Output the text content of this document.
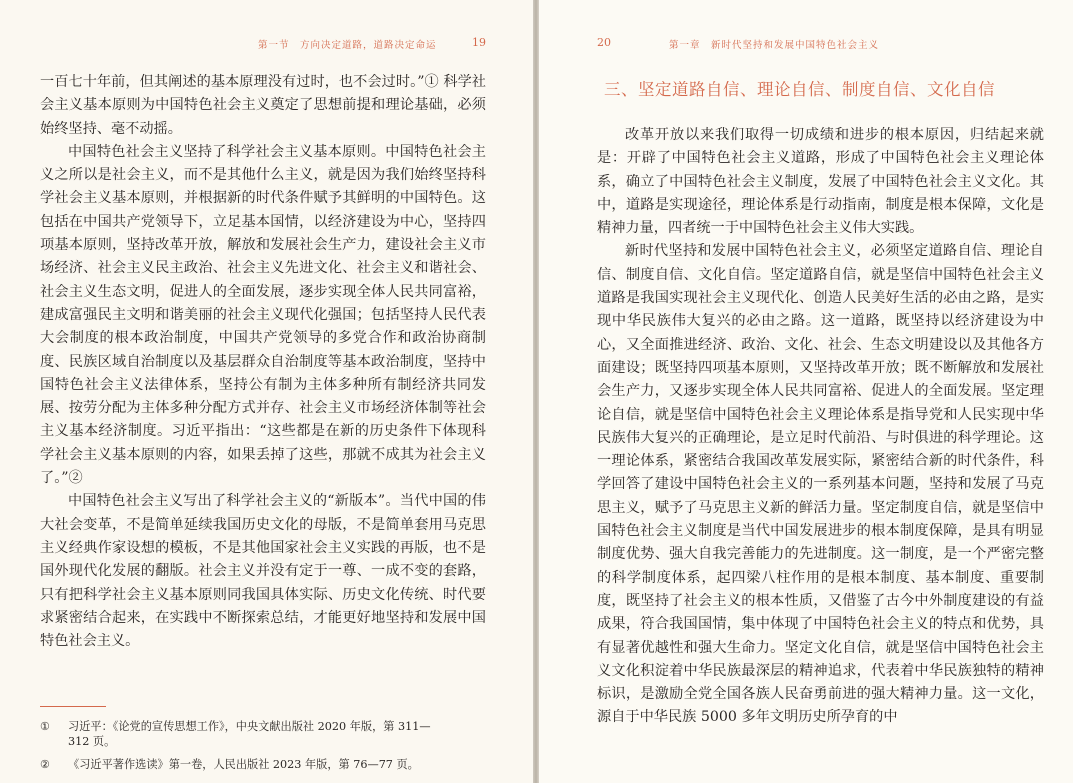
第一节　方向决定道路，道路决定命运	19

一百七十年前，但其阐述的基本原理没有过时，也不会过时。”① 科学社会主义基本原则为中国特色社会主义奠定了思想前提和理论基础，必须始终坚持、毫不动摇。

中国特色社会主义坚持了科学社会主义基本原则。中国特色社会主义之所以是社会主义，而不是其他什么主义，就是因为我们始终坚持科学社会主义基本原则，并根据新的时代条件赋予其鲜明的中国特色。这包括在中国共产党领导下，立足基本国情，以经济建设为中心，坚持四项基本原则，坚持改革开放，解放和发展社会生产力，建设社会主义市场经济、社会主义民主政治、社会主义先进文化、社会主义和谐社会、社会主义生态文明，促进人的全面发展，逐步实现全体人民共同富裕，建成富强民主文明和谐美丽的社会主义现代化强国；包括坚持人民代表大会制度的根本政治制度，中国共产党领导的多党合作和政治协商制度、民族区域自治制度以及基层群众自治制度等基本政治制度，坚持中国特色社会主义法律体系，坚持公有制为主体多种所有制经济共同发展、按劳分配为主体多种分配方式并存、社会主义市场经济体制等社会主义基本经济制度。习近平指出：“这些都是在新的历史条件下体现科学社会主义基本原则的内容，如果丢掉了这些，那就不成其为社会主义了。”②

中国特色社会主义写出了科学社会主义的“新版本”。当代中国的伟大社会变革，不是简单延续我国历史文化的母版，不是简单套用马克思主义经典作家设想的模板，不是其他国家社会主义实践的再版，也不是国外现代化发展的翻版。社会主义并没有定于一尊、一成不变的套路，只有把科学社会主义基本原则同我国具体实际、历史文化传统、时代要求紧密结合起来，在实践中不断探索总结，才能更好地坚持和发展中国特色社会主义。

① 习近平：《论党的宣传思想工作》，中央文献出版社 2020 年版，第 311—
312 页。
② 《习近平著作选读》第一卷，人民出版社 2023 年版，第 76—77 页。
20	第一章　新时代坚持和发展中国特色社会主义
三、坚定道路自信、理论自信、制度自信、文化自信

改革开放以来我们取得一切成绩和进步的根本原因，归结起来就是：开辟了中国特色社会主义道路，形成了中国特色社会主义理论体系，确立了中国特色社会主义制度，发展了中国特色社会主义文化。其中，道路是实现途径，理论体系是行动指南，制度是根本保障，文化是精神力量，四者统一于中国特色社会主义伟大实践。

新时代坚持和发展中国特色社会主义，必须坚定道路自信、理论自信、制度自信、文化自信。坚定道路自信，就是坚信中国特色社会主义道路是我国实现社会主义现代化、创造人民美好生活的必由之路，是实现中华民族伟大复兴的必由之路。这一道路，既坚持以经济建设为中心，又全面推进经济、政治、文化、社会、生态文明建设以及其他各方面建设；既坚持四项基本原则，又坚持改革开放；既不断解放和发展社会生产力，又逐步实现全体人民共同富裕、促进人的全面发展。坚定理论自信，就是坚信中国特色社会主义理论体系是指导党和人民实现中华民族伟大复兴的正确理论，是立足时代前沿、与时俱进的科学理论。这一理论体系，紧密结合我国改革发展实际，紧密结合新的时代条件，科学回答了建设中国特色社会主义的一系列基本问题，坚持和发展了马克思主义，赋予了马克思主义新的鲜活力量。坚定制度自信，就是坚信中国特色社会主义制度是当代中国发展进步的根本制度保障，是具有明显制度优势、强大自我完善能力的先进制度。这一制度，是一个严密完整的科学制度体系，起四梁八柱作用的是根本制度、基本制度、重要制度，既坚持了社会主义的根本性质，又借鉴了古今中外制度建设的有益成果，符合我国国情，集中体现了中国特色社会主义的特点和优势，具有显著优越性和强大生命力。坚定文化自信，就是坚信中国特色社会主义文化积淀着中华民族最深层的精神追求，代表着中华民族独特的精神标识，是激励全党全国各族人民奋勇前进的强大精神力量。这一文化，源自于中华民族 5000 多年文明历史所孕育的中
